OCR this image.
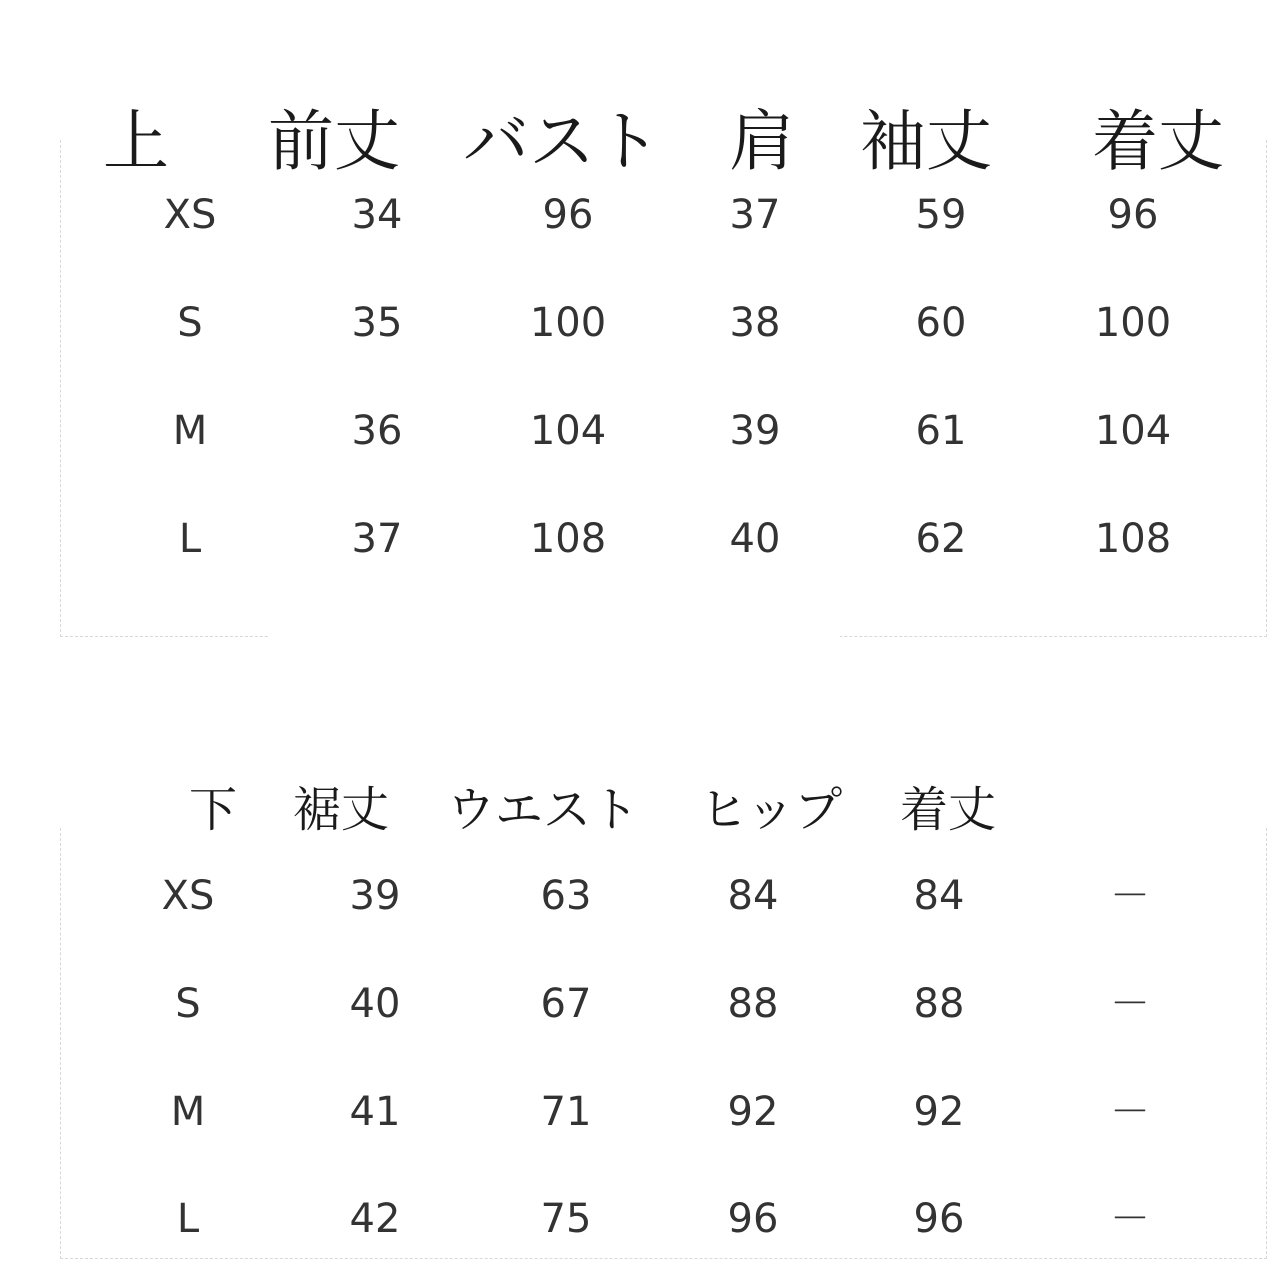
上 前丈 バスト 肩 袖丈 着丈
XS	34	96	37	59	96
S	35	100	38	60	100
M	36	104	39	61	104
L	37	108	40	62	108
下 裾丈 ウエスト ヒップ 着丈
XS	39	63	84	84	－
S	40	67	88	88	－
M	41	71	92	92	－
L	42	75	96	96	－
